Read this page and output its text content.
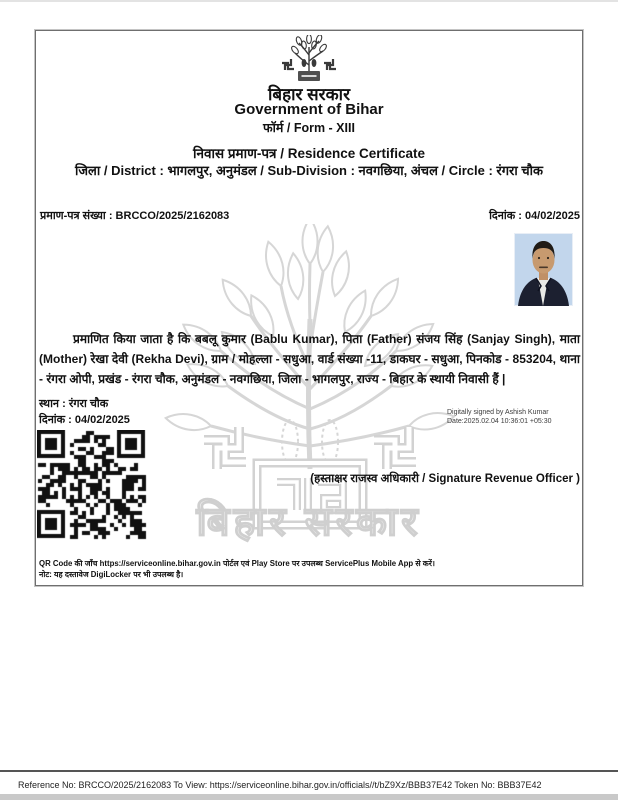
बिहार सरकार
बिहार सरकार
Government of Bihar
फॉर्म / Form - XIII
निवास प्रमाण-पत्र / Residence Certificate
जिला / District : भागलपुर, अनुमंडल / Sub-Division : नवगछिया, अंचल / Circle : रंगरा चौक
प्रमाण-पत्र संख्या : BRCCO/2025/2162083	दिनांक : 04/02/2025
प्रमाणित किया जाता है कि बबलू कुमार (Bablu Kumar), पिता (Father) संजय सिंह (Sanjay Singh), माता (Mother) रेखा देवी (Rekha Devi), ग्राम / मोहल्ला - सधुआ, वार्ड संख्या -11, डाकघर - सधुआ, पिनकोड - 853204, थाना - रंगरा ओपी, प्रखंड - रंगरा चौक, अनुमंडल - नवगछिया, जिला - भागलपुर, राज्य - बिहार के स्थायी निवासी हैं |
स्थान : रंगरा चौक
दिनांक : 04/02/2025
Digitally signed by Ashish Kumar
Date:2025.02.04 10:36:01 +05:30
(हस्ताक्षर राजस्व अधिकारी / Signature Revenue Officer )
QR Code की जाँच https://serviceonline.bihar.gov.in पोर्टल एवं Play Store पर उपलब्ध ServicePlus Mobile App से करें।
नोट: यह दस्तावेज DigiLocker पर भी उपलब्ध है।
Reference No: BRCCO/2025/2162083 To View: https://serviceonline.bihar.gov.in/officials//t/bZ9Xz/BBB37E42 Token No: BBB37E42
